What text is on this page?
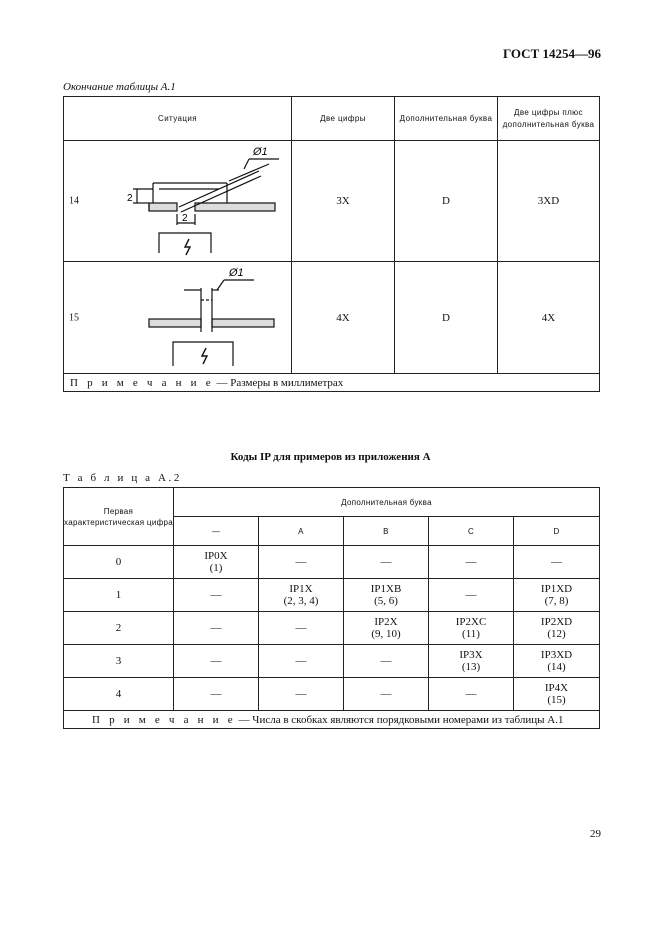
ГОСТ 14254—96
Окончание таблицы А.1
Ситуация	Две цифры	Дополнительная буква	Две цифры плюс дополнительная буква

14
Ø1
2
2	3X	D	3XD

15
Ø1	4X	D	4X
П р и м е ч а н и е — Размеры в миллиметрах			
Коды IP для примеров из приложения А
Т а б л и ц а А.2
Первая характеристическая цифра	Дополнительная буква				
	—	A	B	C	D
0	IP0X
(1)	—	—	—	—

1	—	IP1X
(2, 3, 4)	IP1XB
(5, 6)	—	IP1XD
(7, 8)

2	—	—	IP2X
(9, 10)	IP2XC
(11)	IP2XD
(12)

3	—	—	—	IP3X
(13)	IP3XD
(14)

4	—	—	—	—	IP4X
(15)

П р и м е ч а н и е — Числа в скобках являются порядковыми номерами из таблицы А.1					
29
